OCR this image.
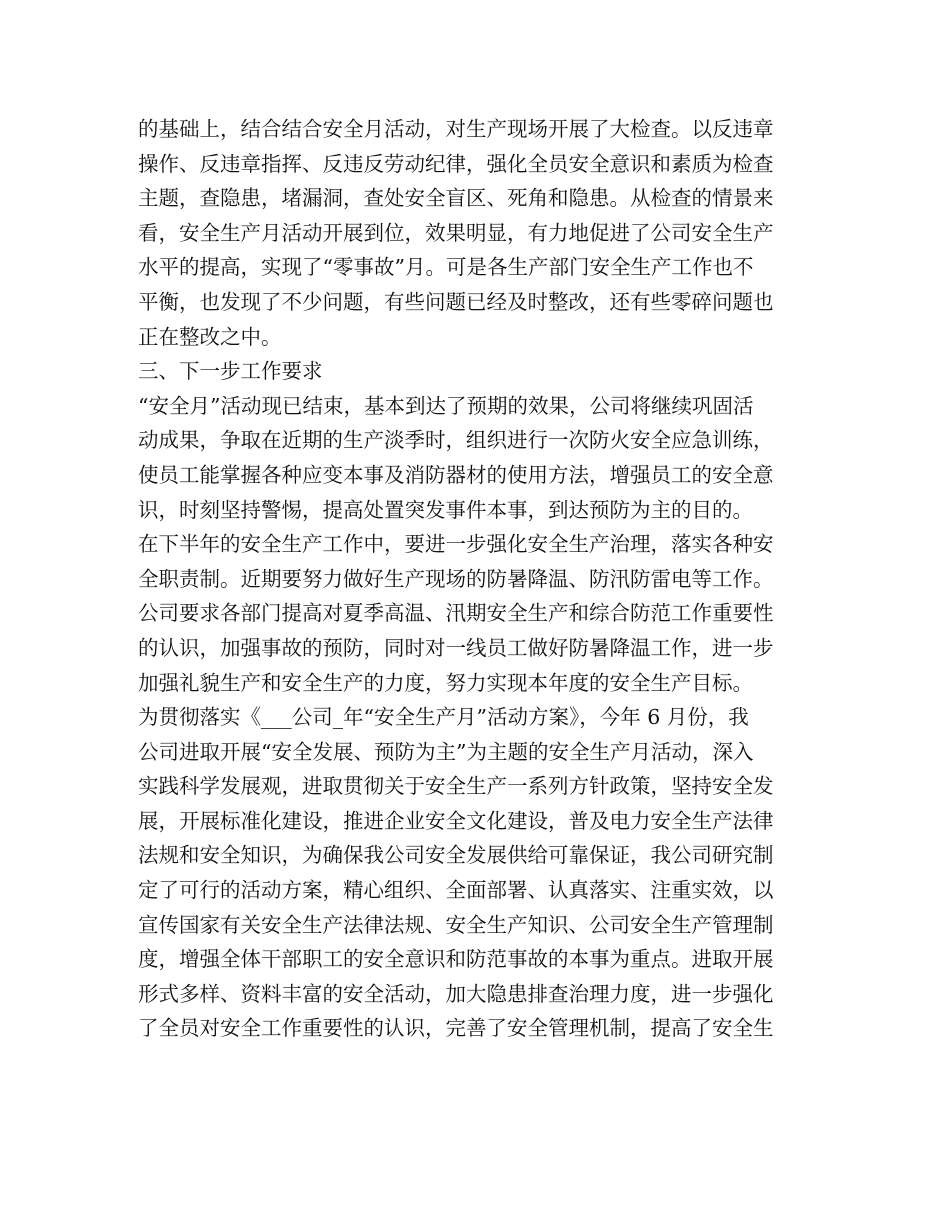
的基础上，结合结合安全月活动，对生产现场开展了大检查。以反违章
操作、反违章指挥、反违反劳动纪律，强化全员安全意识和素质为检查
主题，查隐患，堵漏洞，查处安全盲区、死角和隐患。从检查的情景来
看，安全生产月活动开展到位，效果明显，有力地促进了公司安全生产
水平的提高，实现了“零事故”月。可是各生产部门安全生产工作也不
平衡，也发现了不少问题，有些问题已经及时整改，还有些零碎问题也
正在整改之中。
三、下一步工作要求
“安全月”活动现已结束，基本到达了预期的效果，公司将继续巩固活
动成果，争取在近期的生产淡季时，组织进行一次防火安全应急训练，
使员工能掌握各种应变本事及消防器材的使用方法，增强员工的安全意
识，时刻坚持警惕，提高处置突发事件本事，到达预防为主的目的。
在下半年的安全生产工作中，要进一步强化安全生产治理，落实各种安
全职责制。近期要努力做好生产现场的防暑降温、防汛防雷电等工作。
公司要求各部门提高对夏季高温、汛期安全生产和综合防范工作重要性
的认识，加强事故的预防，同时对一线员工做好防暑降温工作，进一步
加强礼貌生产和安全生产的力度，努力实现本年度的安全生产目标。
为贯彻落实《___公司_年“安全生产月”活动方案》，今年 6 月份，我
公司进取开展“安全发展、预防为主”为主题的安全生产月活动，深入
实践科学发展观，进取贯彻关于安全生产一系列方针政策，坚持安全发
展，开展标准化建设，推进企业安全文化建设，普及电力安全生产法律
法规和安全知识，为确保我公司安全发展供给可靠保证，我公司研究制
定了可行的活动方案，精心组织、全面部署、认真落实、注重实效，以
宣传国家有关安全生产法律法规、安全生产知识、公司安全生产管理制
度，增强全体干部职工的安全意识和防范事故的本事为重点。进取开展
形式多样、资料丰富的安全活动，加大隐患排查治理力度，进一步强化
了全员对安全工作重要性的认识，完善了安全管理机制，提高了安全生
